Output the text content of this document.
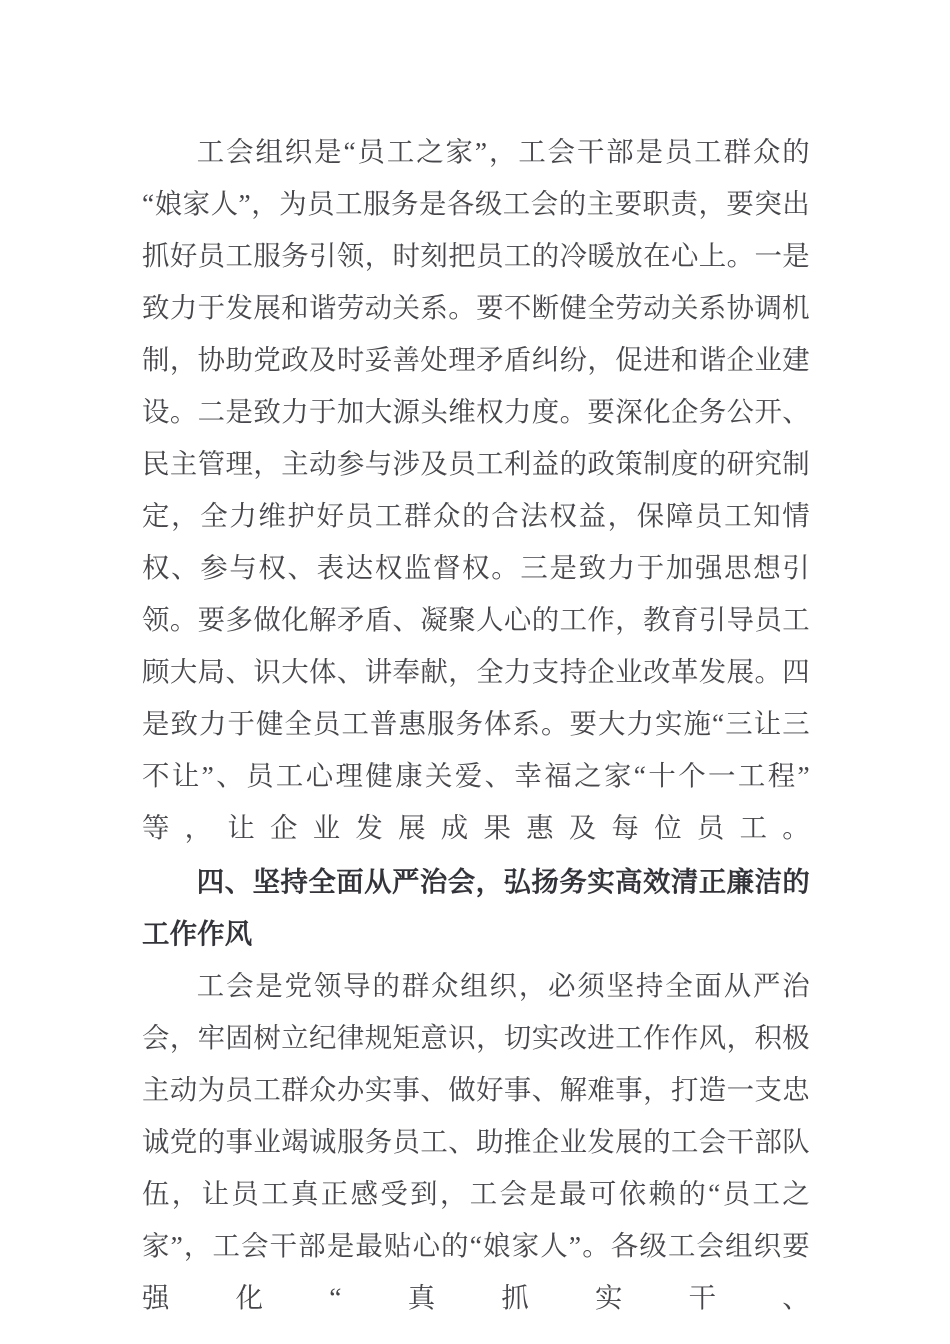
工会组织是“员工之家”，工会干部是员工群众的“娘家人”，为员工服务是各级工会的主要职责，要突出抓好员工服务引领，时刻把员工的冷暖放在心上。一是致力于发展和谐劳动关系。要不断健全劳动关系协调机制，协助党政及时妥善处理矛盾纠纷，促进和谐企业建设。二是致力于加大源头维权力度。要深化企务公开、民主管理，主动参与涉及员工利益的政策制度的研究制定，全力维护好员工群众的合法权益，保障员工知情权、参与权、表达权监督权。三是致力于加强思想引领。要多做化解矛盾、凝聚人心的工作，教育引导员工顾大局、识大体、讲奉献，全力支持企业改革发展。四是致力于健全员工普惠服务体系。要大力实施“三让三不让”、员工心理健康关爱、幸福之家“十个一工程”等，让企业发展成果惠及每位员工。

四、坚持全面从严治会，弘扬务实高效清正廉洁的工作作风

工会是党领导的群众组织，必须坚持全面从严治会，牢固树立纪律规矩意识，切实改进工作作风，积极主动为员工群众办实事、做好事、解难事，打造一支忠诚党的事业竭诚服务员工、助推企业发展的工会干部队伍，让员工真正感受到，工会是最可依赖的“员工之家”，工会干部是最贴心的“娘家人”。各级工会组织要强化“真抓实干、
